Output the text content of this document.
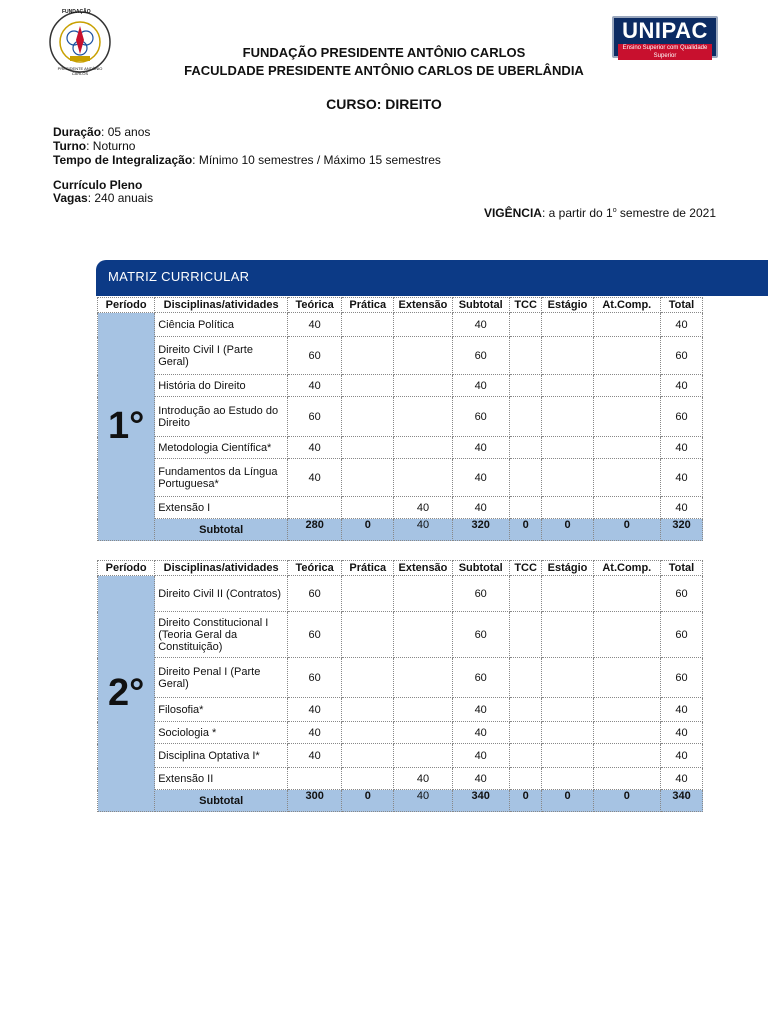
FUNDAÇÃO
PRESIDENTE ANTÔNIO CARLOS
UNIPAC
Ensino Superior com Qualidade Superior
FUNDAÇÃO PRESIDENTE ANTÔNIO CARLOS
FACULDADE PRESIDENTE ANTÔNIO CARLOS DE UBERLÂNDIA
CURSO: DIREITO
Duração: 05 anos
Turno: Noturno
Tempo de Integralização: Mínimo 10 semestres / Máximo 15 semestres
Currículo Pleno
Vagas: 240 anuais
VIGÊNCIA: a partir do 1$^o$ semestre de 2021
MATRIZ CURRICULAR
Período	Disciplinas/atividades	Teórica	Prática	Extensão	Subtotal	TCC	Estágio	At.Comp.	Total
1°	Ciência Política	40			40				40
	Direito Civil I (Parte Geral)	60			60				60
	História do Direito	40			40				40
	Introdução ao Estudo do Direito	60			60				60
	Metodologia Científica*	40			40				40
	Fundamentos da Língua Portuguesa*	40			40				40
	Extensão I			40	40				40
	Subtotal	280	0	40	320	0	0	0	320
Período	Disciplinas/atividades	Teórica	Prática	Extensão	Subtotal	TCC	Estágio	At.Comp.	Total
2°	Direito Civil II (Contratos)	60			60				60
	Direito Constitucional I (Teoria Geral da Constituição)	60			60				60
	Direito Penal I (Parte Geral)	60			60				60
	Filosofia*	40			40				40
	Sociologia *	40			40				40
	Disciplina Optativa I*	40			40				40
	Extensão II			40	40				40
	Subtotal	300	0	40	340	0	0	0	340
